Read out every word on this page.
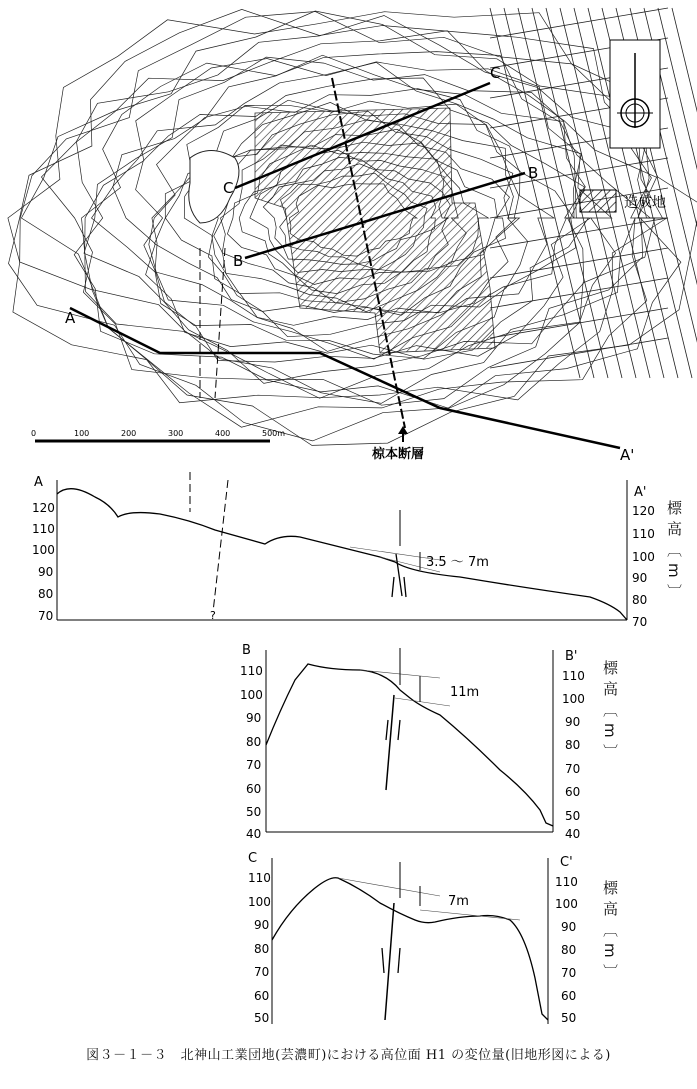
A
A'
B
B
C
C
造成地
0	100	200	300	400	500m
椋本断層
A
A'
120
110
100
90
80
70
120
110
100
90
80
70
?
3.5 ～ 7m	標高〔m〕
B	B'
110
100
90
80
70
60
50
40
110
100
90
80
70
60
50
40
11m	標高〔m〕
C	C'
110
100
90
80
70
60
50
110
100
90
80
70
60
50
7m	標高〔m〕
図３－１－３　北神山工業団地(芸濃町)における高位面 H1 の変位量(旧地形図による)
